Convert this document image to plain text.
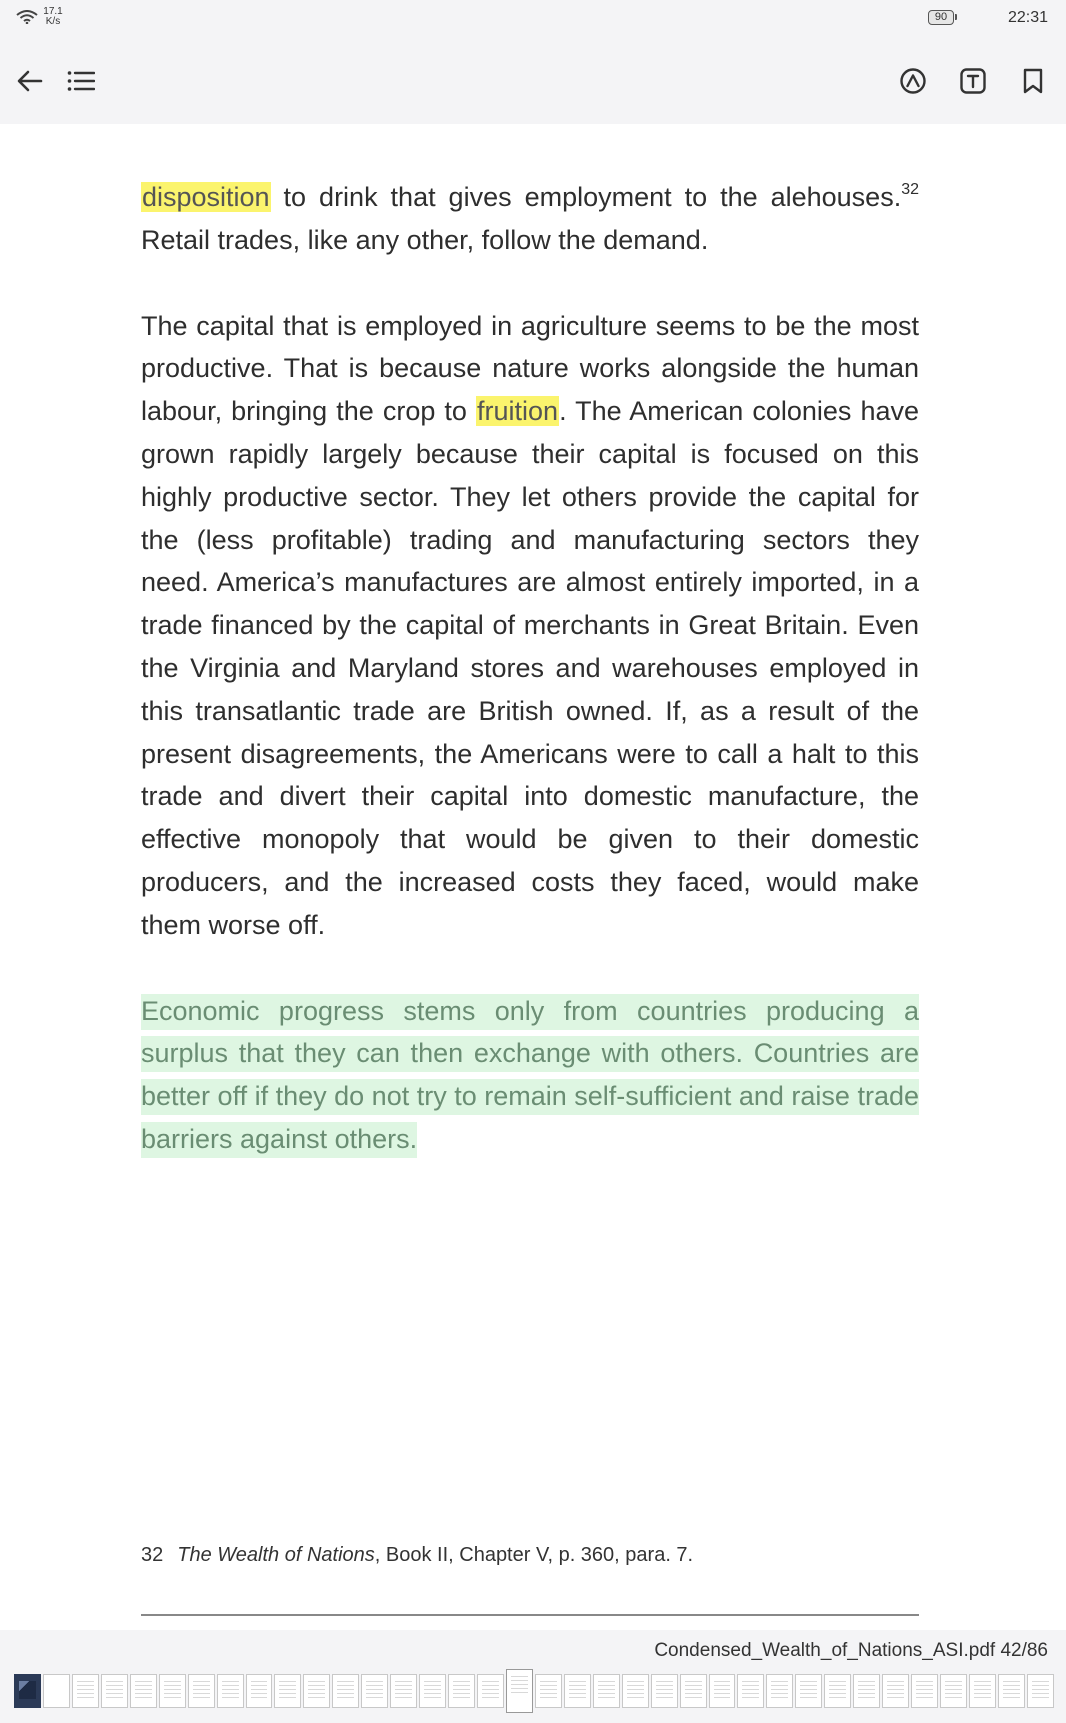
17.1
K/s	90	22:31

disposition to drink that gives employment to the alehouses.$^{32}$ Retail trades, like any other, follow the demand.

The capital that is employed in agriculture seems to be the most productive. That is because nature works alongside the human labour, bringing the crop to fruition. The American colonies have grown rapidly largely because their capital is focused on this highly productive sector. They let others provide the capital for the (less profitable) trading and manufacturing sectors they need. America’s manufactures are almost entirely imported, in a trade financed by the capital of merchants in Great Britain. Even the Virginia and Maryland stores and warehouses employed in this transatlantic trade are British owned. If, as a result of the present disagreements, the Americans were to call a halt to this trade and divert their capital into domestic manufacture, the effective monopoly that would be given to their domestic producers, and the increased costs they faced, would make them worse off.

Economic progress stems only from countries producing a surplus that they can then exchange with others. Countries are better off if they do not try to remain self-sufficient and raise trade barriers against others.

32 The Wealth of Nations, Book II, Chapter V, p. 360, para. 7.
Condensed_Wealth_of_Nations_ASI.pdf 42/86
